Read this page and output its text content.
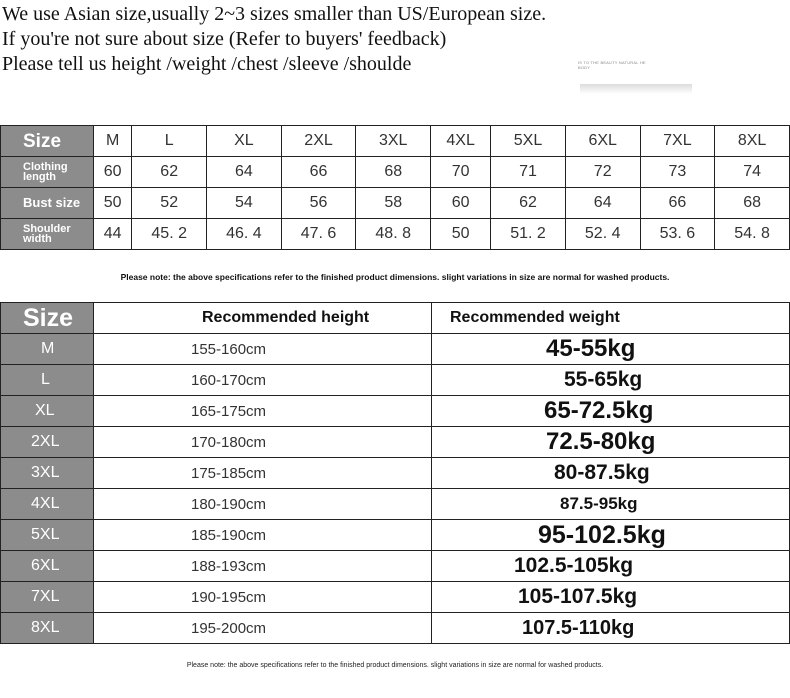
We use Asian size,usually 2~3 sizes smaller than US/European size.

If you're not sure about size (Refer to buyers' feedback)

Please tell us height /weight /chest /sleeve /shoulde	IS TO THE BEAUTY NATURAL HE BODY
Size	M	L	XL	2XL	3XL	4XL	5XL	6XL	7XL	8XL
Clothing length	60	62	64	66	68	70	71	72	73	74
Bust size	50	52	54	56	58	60	62	64	66	68
Shoulder width	44	45. 2	46. 4	47. 6	48. 8	50	51. 2	52. 4	53. 6	54. 8
Please note: the above specifications refer to the finished product dimensions. slight variations in size are normal for washed products.
Size	Recommended height	Recommended weight
M	155-160cm	45-55kg
L	160-170cm	55-65kg
XL	165-175cm	65-72.5kg
2XL	170-180cm	72.5-80kg
3XL	175-185cm	80-87.5kg
4XL	180-190cm	87.5-95kg
5XL	185-190cm	95-102.5kg
6XL	188-193cm	102.5-105kg
7XL	190-195cm	105-107.5kg
8XL	195-200cm	107.5-110kg
Please note: the above specifications refer to the finished product dimensions. slight variations in size are normal for washed products.
